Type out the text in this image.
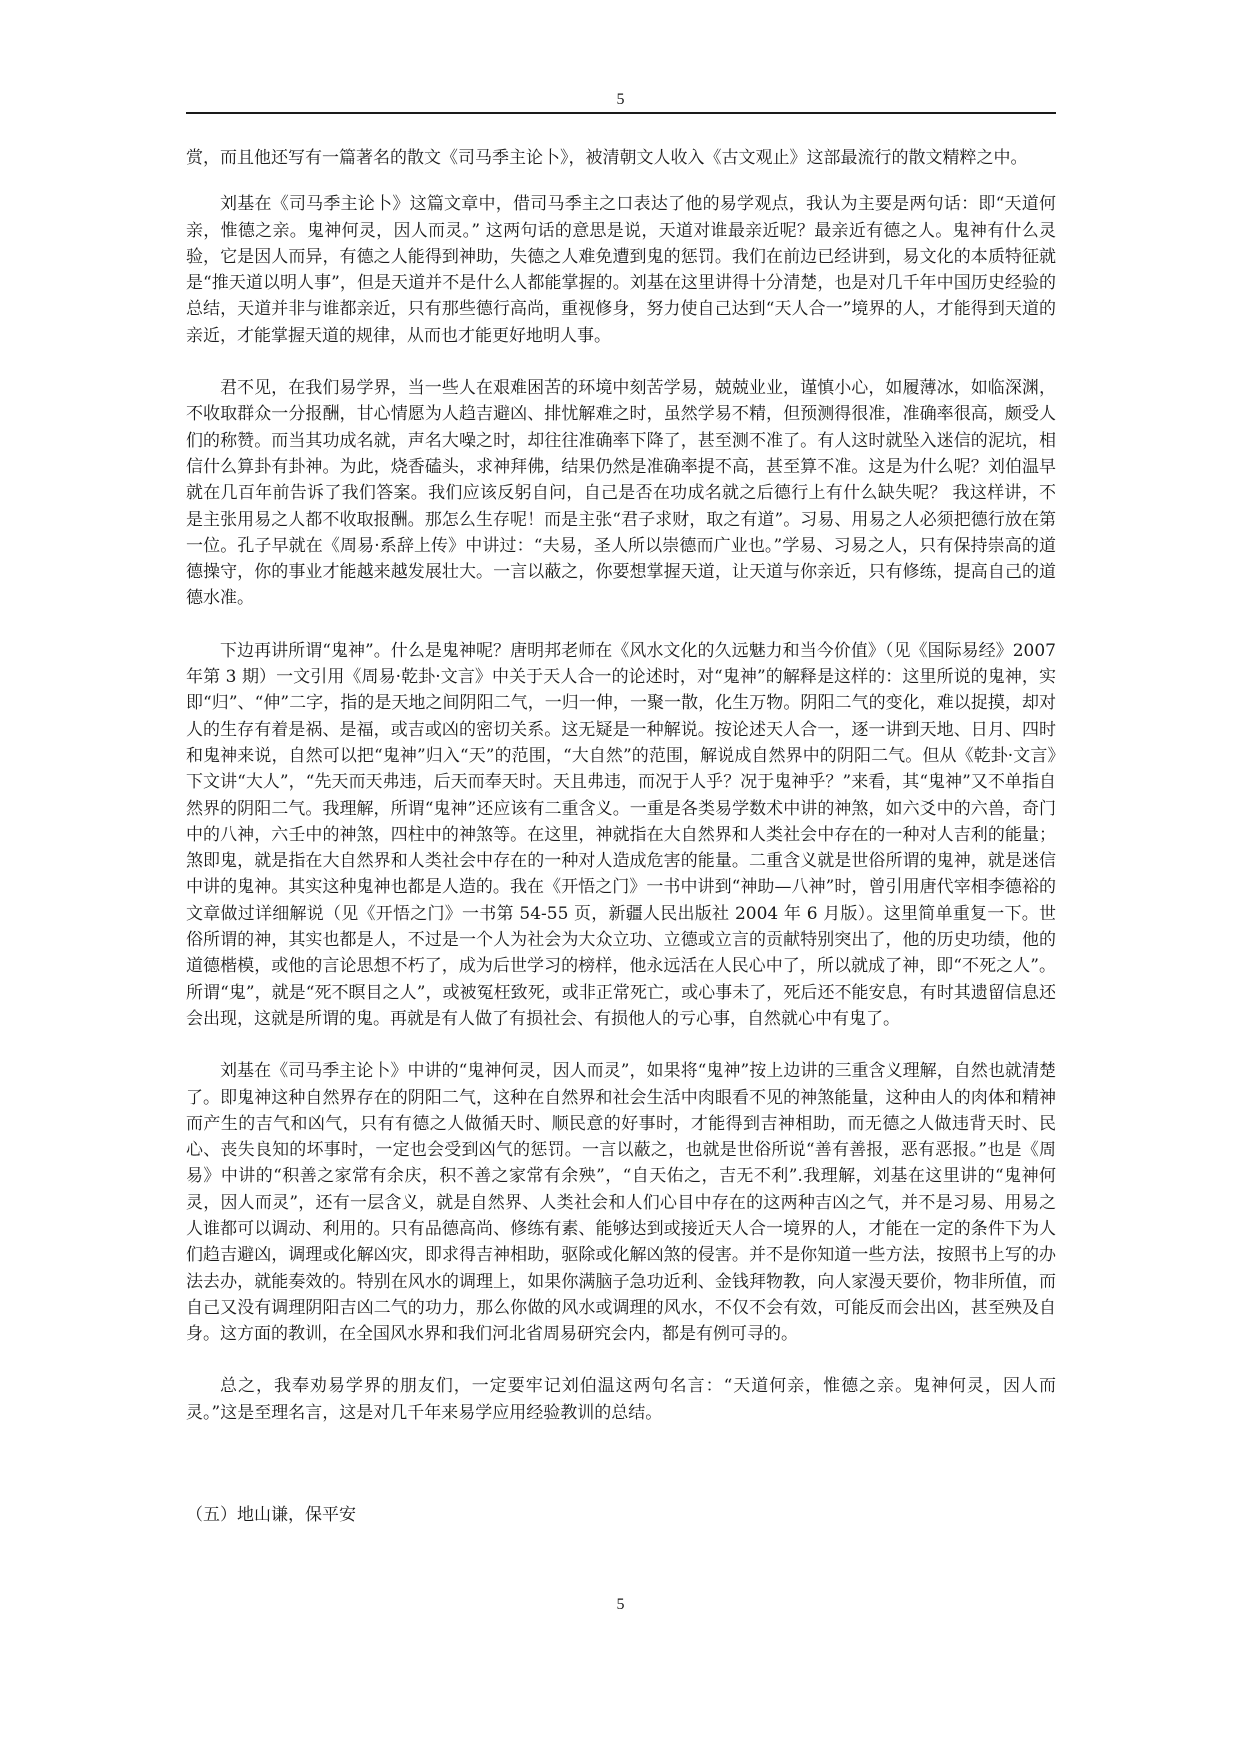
5

赏，而且他还写有一篇著名的散文《司马季主论卜》，被清朝文人收入《古文观止》这部最流行的散文精粹之中。

刘基在《司马季主论卜》这篇文章中，借司马季主之口表达了他的易学观点，我认为主要是两句话：即“天道何亲，惟德之亲。鬼神何灵，因人而灵。” 这两句话的意思是说，天道对谁最亲近呢？最亲近有德之人。鬼神有什么灵验，它是因人而异，有德之人能得到神助，失德之人难免遭到鬼的惩罚。我们在前边已经讲到，易文化的本质特征就是“推天道以明人事”，但是天道并不是什么人都能掌握的。刘基在这里讲得十分清楚，也是对几千年中国历史经验的总结，天道并非与谁都亲近，只有那些德行高尚，重视修身，努力使自己达到“天人合一”境界的人，才能得到天道的亲近，才能掌握天道的规律，从而也才能更好地明人事。

君不见，在我们易学界，当一些人在艰难困苦的环境中刻苦学易，兢兢业业，谨慎小心，如履薄冰，如临深渊，不收取群众一分报酬，甘心情愿为人趋吉避凶、排忧解难之时，虽然学易不精，但预测得很准，准确率很高，颇受人们的称赞。而当其功成名就，声名大噪之时，却往往准确率下降了，甚至测不准了。有人这时就坠入迷信的泥坑，相信什么算卦有卦神。为此，烧香磕头，求神拜佛，结果仍然是准确率提不高，甚至算不准。这是为什么呢？刘伯温早就在几百年前告诉了我们答案。我们应该反躬自问，自己是否在功成名就之后德行上有什么缺失呢？ 我这样讲，不是主张用易之人都不收取报酬。那怎么生存呢！而是主张“君子求财，取之有道”。习易、用易之人必须把德行放在第一位。孔子早就在《周易·系辞上传》中讲过：“夫易，圣人所以崇德而广业也。”学易、习易之人，只有保持崇高的道德操守，你的事业才能越来越发展壮大。一言以蔽之，你要想掌握天道，让天道与你亲近，只有修练，提高自己的道德水准。

下边再讲所谓“鬼神”。什么是鬼神呢？唐明邦老师在《风水文化的久远魅力和当今价值》（见《国际易经》2007 年第 3 期）一文引用《周易·乾卦·文言》中关于天人合一的论述时，对“鬼神”的解释是这样的：这里所说的鬼神，实即“归”、“伸”二字，指的是天地之间阴阳二气，一归一伸，一聚一散，化生万物。阴阳二气的变化，难以捉摸，却对人的生存有着是祸、是福，或吉或凶的密切关系。这无疑是一种解说。按论述天人合一，逐一讲到天地、日月、四时和鬼神来说，自然可以把“鬼神”归入“天”的范围，“大自然”的范围，解说成自然界中的阴阳二气。但从《乾卦·文言》下文讲“大人”，“先天而天弗违，后天而奉天时。天且弗违，而况于人乎？况于鬼神乎？”来看，其“鬼神”又不单指自然界的阴阳二气。我理解，所谓“鬼神”还应该有二重含义。一重是各类易学数术中讲的神煞，如六爻中的六兽，奇门中的八神，六壬中的神煞，四柱中的神煞等。在这里，神就指在大自然界和人类社会中存在的一种对人吉利的能量；煞即鬼，就是指在大自然界和人类社会中存在的一种对人造成危害的能量。二重含义就是世俗所谓的鬼神，就是迷信中讲的鬼神。其实这种鬼神也都是人造的。我在《开悟之门》一书中讲到“神助—八神”时，曾引用唐代宰相李德裕的文章做过详细解说（见《开悟之门》一书第 54-55 页，新疆人民出版社 2004 年 6 月版）。这里简单重复一下。世俗所谓的神，其实也都是人，不过是一个人为社会为大众立功、立德或立言的贡献特别突出了，他的历史功绩，他的道德楷模，或他的言论思想不朽了，成为后世学习的榜样，他永远活在人民心中了，所以就成了神，即“不死之人”。所谓“鬼”，就是“死不瞑目之人”，或被冤枉致死，或非正常死亡，或心事未了，死后还不能安息，有时其遗留信息还会出现，这就是所谓的鬼。再就是有人做了有损社会、有损他人的亏心事，自然就心中有鬼了。

刘基在《司马季主论卜》中讲的“鬼神何灵，因人而灵”，如果将“鬼神”按上边讲的三重含义理解，自然也就清楚了。即鬼神这种自然界存在的阴阳二气，这种在自然界和社会生活中肉眼看不见的神煞能量，这种由人的肉体和精神而产生的吉气和凶气，只有有德之人做循天时、顺民意的好事时，才能得到吉神相助，而无德之人做违背天时、民心、丧失良知的坏事时，一定也会受到凶气的惩罚。一言以蔽之，也就是世俗所说“善有善报，恶有恶报。”也是《周易》中讲的“积善之家常有余庆，积不善之家常有余殃”，“自天佑之，吉无不利”.我理解，刘基在这里讲的“鬼神何灵，因人而灵”，还有一层含义，就是自然界、人类社会和人们心目中存在的这两种吉凶之气，并不是习易、用易之人谁都可以调动、利用的。只有品德高尚、修练有素、能够达到或接近天人合一境界的人，才能在一定的条件下为人们趋吉避凶，调理或化解凶灾，即求得吉神相助，驱除或化解凶煞的侵害。并不是你知道一些方法，按照书上写的办法去办，就能奏效的。特别在风水的调理上，如果你满脑子急功近利、金钱拜物教，向人家漫天要价，物非所值，而自己又没有调理阴阳吉凶二气的功力，那么你做的风水或调理的风水，不仅不会有效，可能反而会出凶，甚至殃及自身。这方面的教训，在全国风水界和我们河北省周易研究会内，都是有例可寻的。

总之，我奉劝易学界的朋友们，一定要牢记刘伯温这两句名言：“天道何亲，惟德之亲。鬼神何灵，因人而灵。”这是至理名言，这是对几千年来易学应用经验教训的总结。

（五）地山谦，保平安
5
